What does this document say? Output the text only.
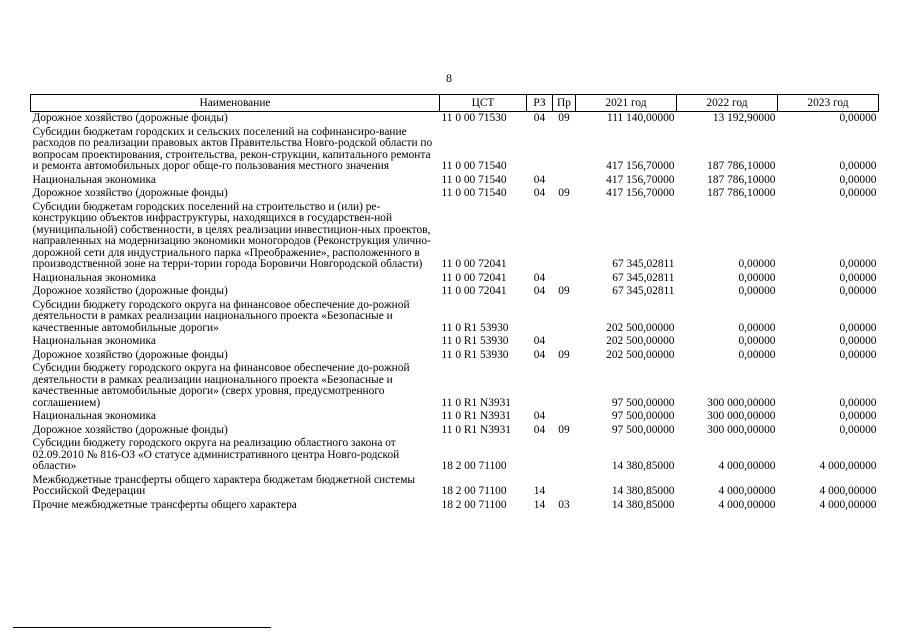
8
Наименование	ЦСТ	РЗ	Пр	2021 год	2022 год	2023 год
Дорожное хозяйство (дорожные фонды)	11 0 00 71530	04	09	111 140,00000	13 192,90000	0,00000
Субсидии бюджетам городских и сельских поселений на софинансиро-вание расходов по реализации правовых актов Правительства Новго-родской области по вопросам проектирования, строительства, рекон-струкции, капитального ремонта и ремонта автомобильных дорог обще-го пользования местного значения	11 0 00 71540			417 156,70000	187 786,10000	0,00000
Национальная экономика	11 0 00 71540	04		417 156,70000	187 786,10000	0,00000
Дорожное хозяйство (дорожные фонды)	11 0 00 71540	04	09	417 156,70000	187 786,10000	0,00000
Субсидии бюджетам городских поселений на строительство и (или) ре-конструкцию объектов инфраструктуры, находящихся в государствен-ной (муниципальной) собственности, в целях реализации инвестицион-ных проектов, направленных на модернизацию экономики моногородов (Реконструкция улично-дорожной сети для индустриального парка «Преображение», расположенного в производственной зоне на терри-тории города Боровичи Новгородской области)	11 0 00 72041			67 345,02811	0,00000	0,00000
Национальная экономика	11 0 00 72041	04		67 345,02811	0,00000	0,00000
Дорожное хозяйство (дорожные фонды)	11 0 00 72041	04	09	67 345,02811	0,00000	0,00000
Субсидии бюджету городского округа на финансовое обеспечение до-рожной деятельности в рамках реализации национального проекта «Безопасные и качественные автомобильные дороги»	11 0 R1 53930			202 500,00000	0,00000	0,00000
Национальная экономика	11 0 R1 53930	04		202 500,00000	0,00000	0,00000
Дорожное хозяйство (дорожные фонды)	11 0 R1 53930	04	09	202 500,00000	0,00000	0,00000
Субсидии бюджету городского округа на финансовое обеспечение до-рожной деятельности в рамках реализации национального проекта «Безопасные и качественные автомобильные дороги» (сверх уровня, предусмотренного соглашением)	11 0 R1 N3931			97 500,00000	300 000,00000	0,00000
Национальная экономика	11 0 R1 N3931	04		97 500,00000	300 000,00000	0,00000
Дорожное хозяйство (дорожные фонды)	11 0 R1 N3931	04	09	97 500,00000	300 000,00000	0,00000
Субсидии бюджету городского округа на реализацию областного закона от 02.09.2010 № 816-ОЗ «О статусе административного центра Новго-родской области»	18 2 00 71100			14 380,85000	4 000,00000	4 000,00000
Межбюджетные трансферты общего характера бюджетам бюджетной системы Российской Федерации	18 2 00 71100	14		14 380,85000	4 000,00000	4 000,00000
Прочие межбюджетные трансферты общего характера	18 2 00 71100	14	03	14 380,85000	4 000,00000	4 000,00000
